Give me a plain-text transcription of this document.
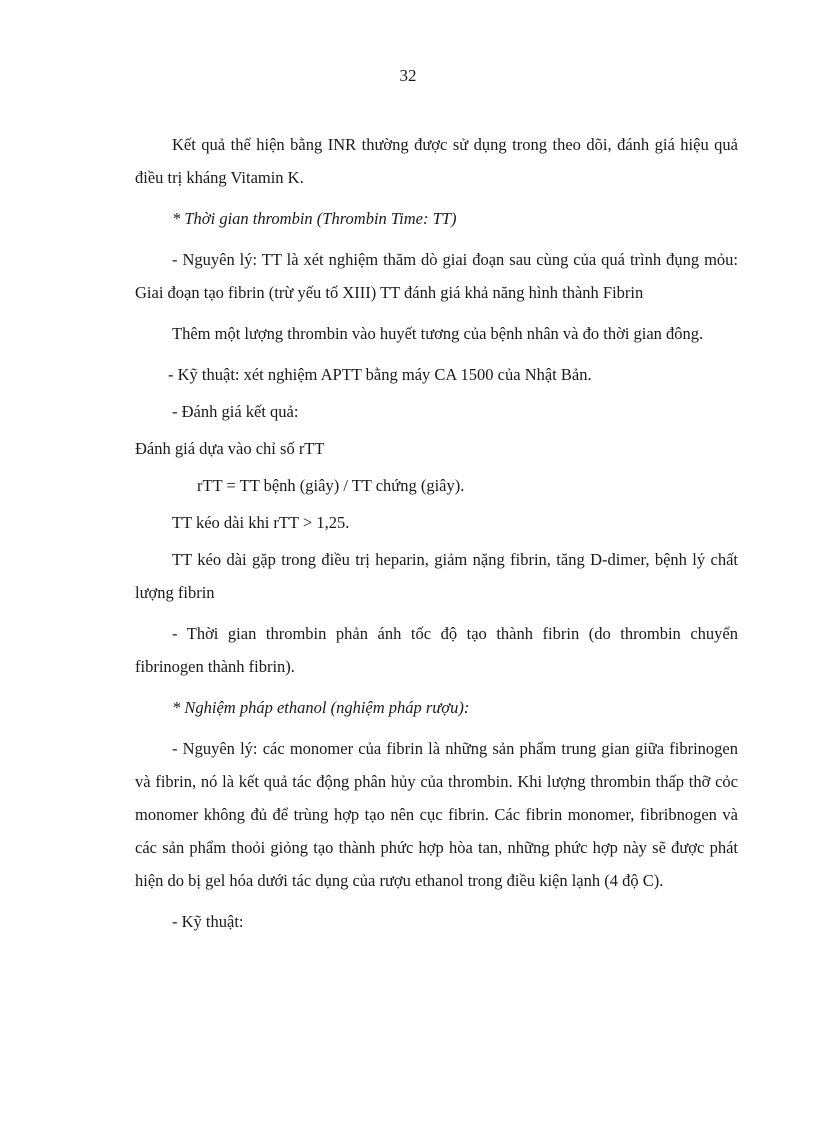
32

Kết quả thể hiện bằng INR thường được sử dụng trong theo dõi, đánh giá hiệu quả điều trị kháng Vitamin K.

* Thời gian thrombin (Thrombin Time: TT)

- Nguyên lý: TT là xét nghiệm thăm dò giai đoạn sau cùng của quá trình đụng mỏu: Giai đoạn tạo fibrin (trừ yếu tố XIII) TT đánh giá khả năng hình thành Fibrin

Thêm một lượng thrombin vào huyết tương của bệnh nhân và đo thời gian đông.

- Kỹ thuật: xét nghiệm APTT bằng máy CA 1500 của Nhật Bản.

- Đánh giá kết quả:

Đánh giá dựa vào chỉ số rTT

rTT = TT bệnh (giây) / TT chứng (giây).

TT kéo dài khi rTT > 1,25.

TT kéo dài gặp trong điều trị heparin, giảm nặng fibrin, tăng D-dimer, bệnh lý chất lượng fibrin

- Thời gian thrombin phản ánh tốc độ tạo thành fibrin (do thrombin chuyển fibrinogen thành fibrin).

* Nghiệm pháp ethanol (nghiệm pháp rượu):

- Nguyên lý: các monomer của fibrin là những sản phẩm trung gian giữa fibrinogen và fibrin, nó là kết quả tác động phân hủy của thrombin. Khi lượng thrombin thấp thỡ cỏc monomer không đủ để trùng hợp tạo nên cục fibrin. Các fibrin monomer, fibribnogen và các sản phẩm thoỏi giỏng tạo thành phức hợp hòa tan, những phức hợp này sẽ được phát hiện do bị gel hóa dưới tác dụng của rượu ethanol trong điều kiện lạnh (4 độ C).

- Kỹ thuật:
